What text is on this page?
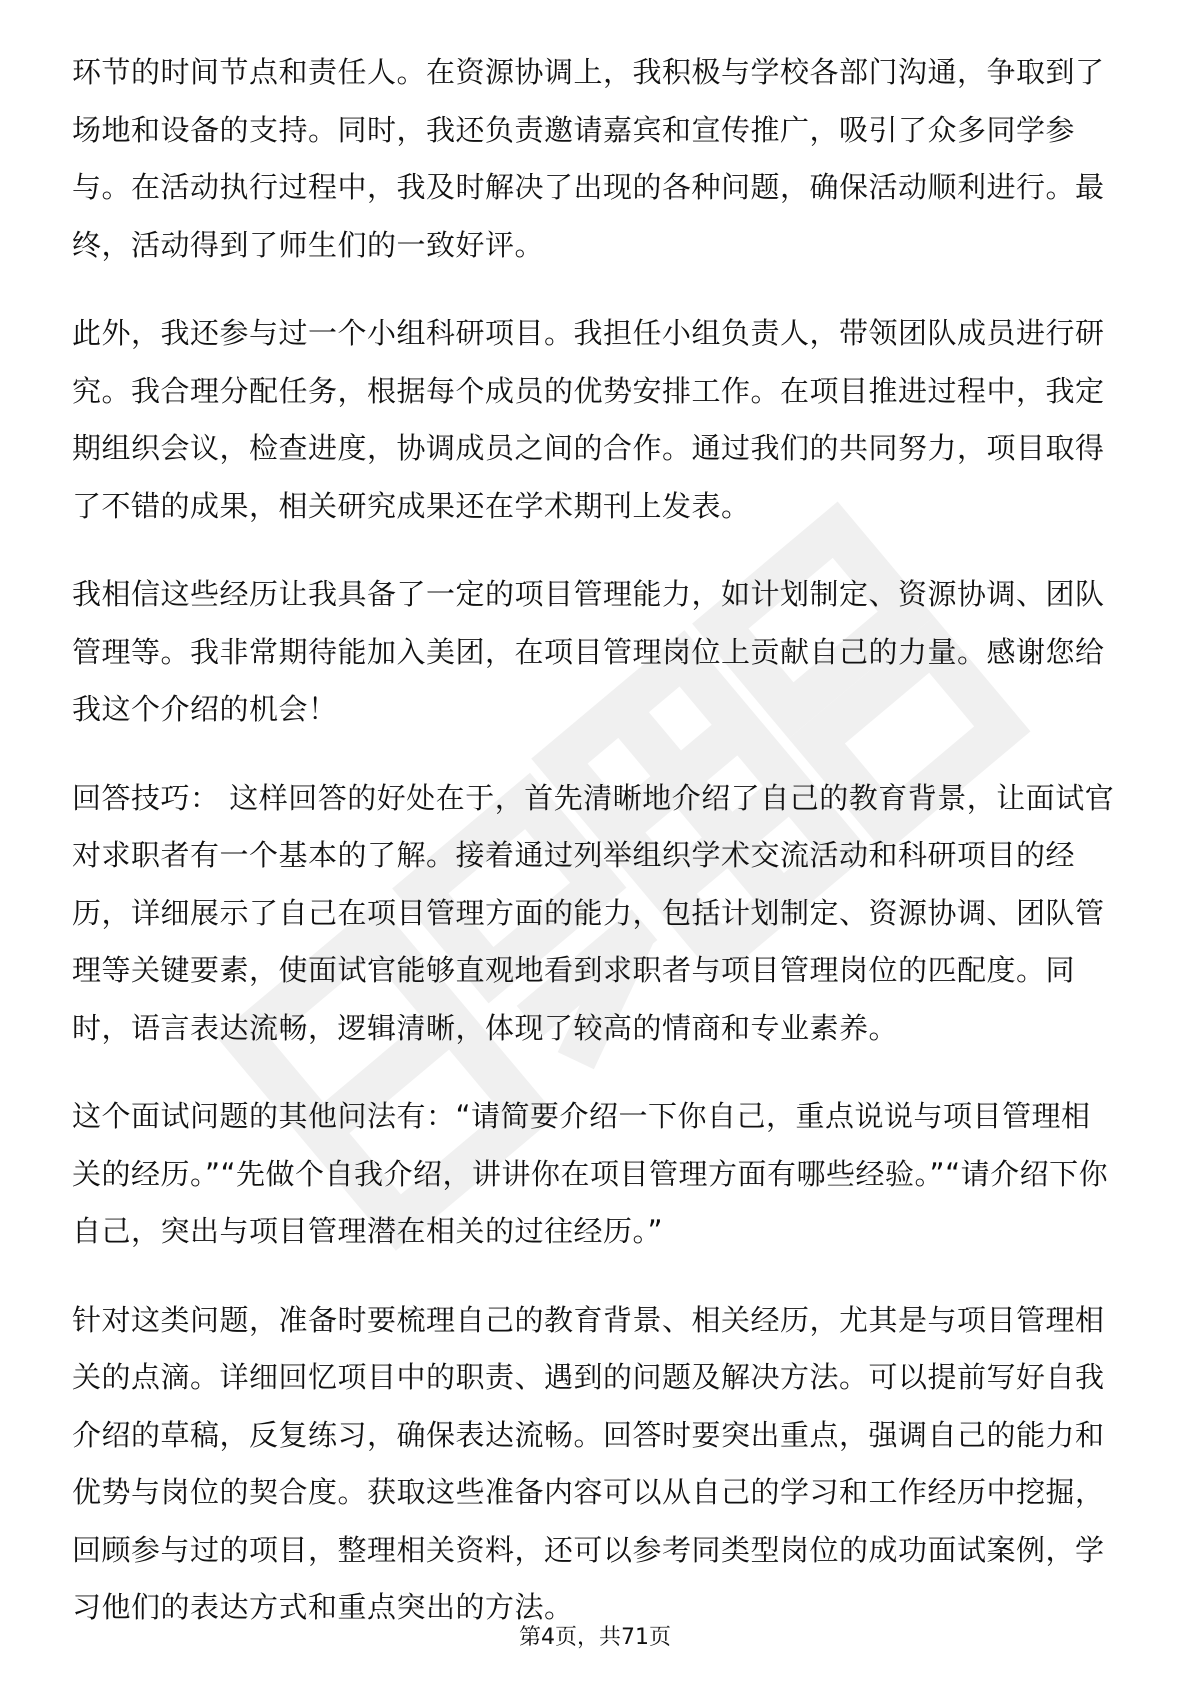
环节的时间节点和责任人。在资源协调上，我积极与学校各部门沟通，争取到了场地和设备的支持。同时，我还负责邀请嘉宾和宣传推广，吸引了众多同学参与。在活动执行过程中，我及时解决了出现的各种问题，确保活动顺利进行。最终，活动得到了师生们的一致好评。

此外，我还参与过一个小组科研项目。我担任小组负责人，带领团队成员进行研究。我合理分配任务，根据每个成员的优势安排工作。在项目推进过程中，我定期组织会议，检查进度，协调成员之间的合作。通过我们的共同努力，项目取得了不错的成果，相关研究成果还在学术期刊上发表。

我相信这些经历让我具备了一定的项目管理能力，如计划制定、资源协调、团队管理等。我非常期待能加入美团，在项目管理岗位上贡献自己的力量。感谢您给我这个介绍的机会！

回答技巧： 这样回答的好处在于，首先清晰地介绍了自己的教育背景，让面试官对求职者有一个基本的了解。接着通过列举组织学术交流活动和科研项目的经历，详细展示了自己在项目管理方面的能力，包括计划制定、资源协调、团队管理等关键要素，使面试官能够直观地看到求职者与项目管理岗位的匹配度。同时，语言表达流畅，逻辑清晰，体现了较高的情商和专业素养。

这个面试问题的其他问法有：“请简要介绍一下你自己，重点说说与项目管理相关的经历。”“先做个自我介绍，讲讲你在项目管理方面有哪些经验。”“请介绍下你自己，突出与项目管理潜在相关的过往经历。”

针对这类问题，准备时要梳理自己的教育背景、相关经历，尤其是与项目管理相关的点滴。详细回忆项目中的职责、遇到的问题及解决方法。可以提前写好自我介绍的草稿，反复练习，确保表达流畅。回答时要突出重点，强调自己的能力和优势与岗位的契合度。获取这些准备内容可以从自己的学习和工作经历中挖掘，回顾参与过的项目，整理相关资料，还可以参考同类型岗位的成功面试案例，学习他们的表达方式和重点突出的方法。

第4页，共71页
